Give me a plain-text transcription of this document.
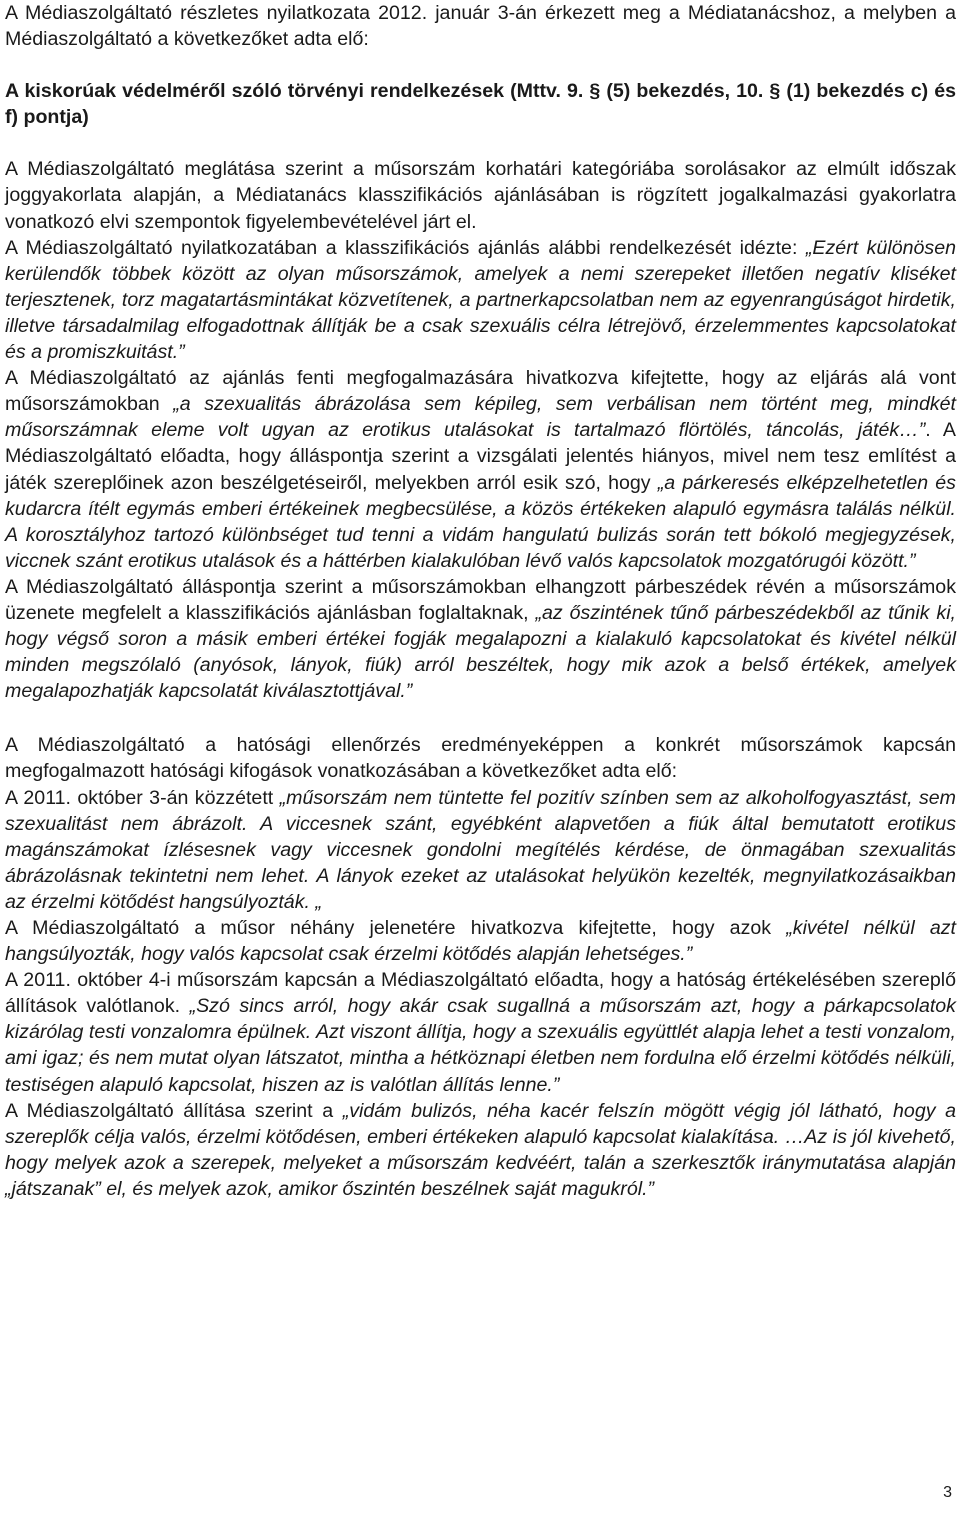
A Médiaszolgáltató részletes nyilatkozata 2012. január 3-án érkezett meg a Médiatanácshoz, a melyben a Médiaszolgáltató a következőket adta elő:

A kiskorúak védelméről szóló törvényi rendelkezések (Mttv. 9. § (5) bekezdés, 10. § (1) bekezdés c) és f) pontja)

A Médiaszolgáltató meglátása szerint a műsorszám korhatári kategóriába sorolásakor az elmúlt időszak joggyakorlata alapján, a Médiatanács klasszifikációs ajánlásában is rögzített jogalkalmazási gyakorlatra vonatkozó elvi szempontok figyelembevételével járt el.

A Médiaszolgáltató nyilatkozatában a klasszifikációs ajánlás alábbi rendelkezését idézte: „Ezért különösen kerülendők többek között az olyan műsorszámok, amelyek a nemi szerepeket illetően negatív kliséket terjesztenek, torz magatartásmintákat közvetítenek, a partnerkapcsolatban nem az egyenrangúságot hirdetik, illetve társadalmilag elfogadottnak állítják be a csak szexuális célra létrejövő, érzelemmentes kapcsolatokat és a promiszkuitást.”

A Médiaszolgáltató az ajánlás fenti megfogalmazására hivatkozva kifejtette, hogy az eljárás alá vont műsorszámokban „a szexualitás ábrázolása sem képileg, sem verbálisan nem történt meg, mindkét műsorszámnak eleme volt ugyan az erotikus utalásokat is tartalmazó flörtölés, táncolás, játék…”. A Médiaszolgáltató előadta, hogy álláspontja szerint a vizsgálati jelentés hiányos, mivel nem tesz említést a játék szereplőinek azon beszélgetéseiről, melyekben arról esik szó, hogy „a párkeresés elképzelhetetlen és kudarcra ítélt egymás emberi értékeinek megbecsülése, a közös értékeken alapuló egymásra találás nélkül. A korosztályhoz tartozó különbséget tud tenni a vidám hangulatú bulizás során tett bókoló megjegyzések, viccnek szánt erotikus utalások és a háttérben kialakulóban lévő valós kapcsolatok mozgatórugói között.”

A Médiaszolgáltató álláspontja szerint a műsorszámokban elhangzott párbeszédek révén a műsorszámok üzenete megfelelt a klasszifikációs ajánlásban foglaltaknak, „az őszintének tűnő párbeszédekből az tűnik ki, hogy végső soron a másik emberi értékei fogják megalapozni a kialakuló kapcsolatokat és kivétel nélkül minden megszólaló (anyósok, lányok, fiúk) arról beszéltek, hogy mik azok a belső értékek, amelyek megalapozhatják kapcsolatát kiválasztottjával.”

A Médiaszolgáltató a hatósági ellenőrzés eredményeképpen a konkrét műsorszámok kapcsán megfogalmazott hatósági kifogások vonatkozásában a következőket adta elő:

A 2011. október 3-án közzétett „műsorszám nem tüntette fel pozitív színben sem az alkoholfogyasztást, sem szexualitást nem ábrázolt. A viccesnek szánt, egyébként alapvetően a fiúk által bemutatott erotikus magánszámokat ízlésesnek vagy viccesnek gondolni megítélés kérdése, de önmagában szexualitás ábrázolásnak tekintetni nem lehet. A lányok ezeket az utalásokat helyükön kezelték, megnyilatkozásaikban az érzelmi kötődést hangsúlyozták. „

A Médiaszolgáltató a műsor néhány jelenetére hivatkozva kifejtette, hogy azok „kivétel nélkül azt hangsúlyozták, hogy valós kapcsolat csak érzelmi kötődés alapján lehetséges.”

A 2011. október 4-i műsorszám kapcsán a Médiaszolgáltató előadta, hogy a hatóság értékelésében szereplő állítások valótlanok. „Szó sincs arról, hogy akár csak sugallná a műsorszám azt, hogy a párkapcsolatok kizárólag testi vonzalomra épülnek. Azt viszont állítja, hogy a szexuális együttlét alapja lehet a testi vonzalom, ami igaz; és nem mutat olyan látszatot, mintha a hétköznapi életben nem fordulna elő érzelmi kötődés nélküli, testiségen alapuló kapcsolat, hiszen az is valótlan állítás lenne.”

A Médiaszolgáltató állítása szerint a „vidám bulizós, néha kacér felszín mögött végig jól látható, hogy a szereplők célja valós, érzelmi kötődésen, emberi értékeken alapuló kapcsolat kialakítása. …Az is jól kivehető, hogy melyek azok a szerepek, melyeket a műsorszám kedvéért, talán a szerkesztők iránymutatása alapján „játszanak” el, és melyek azok, amikor őszintén beszélnek saját magukról.”

3
